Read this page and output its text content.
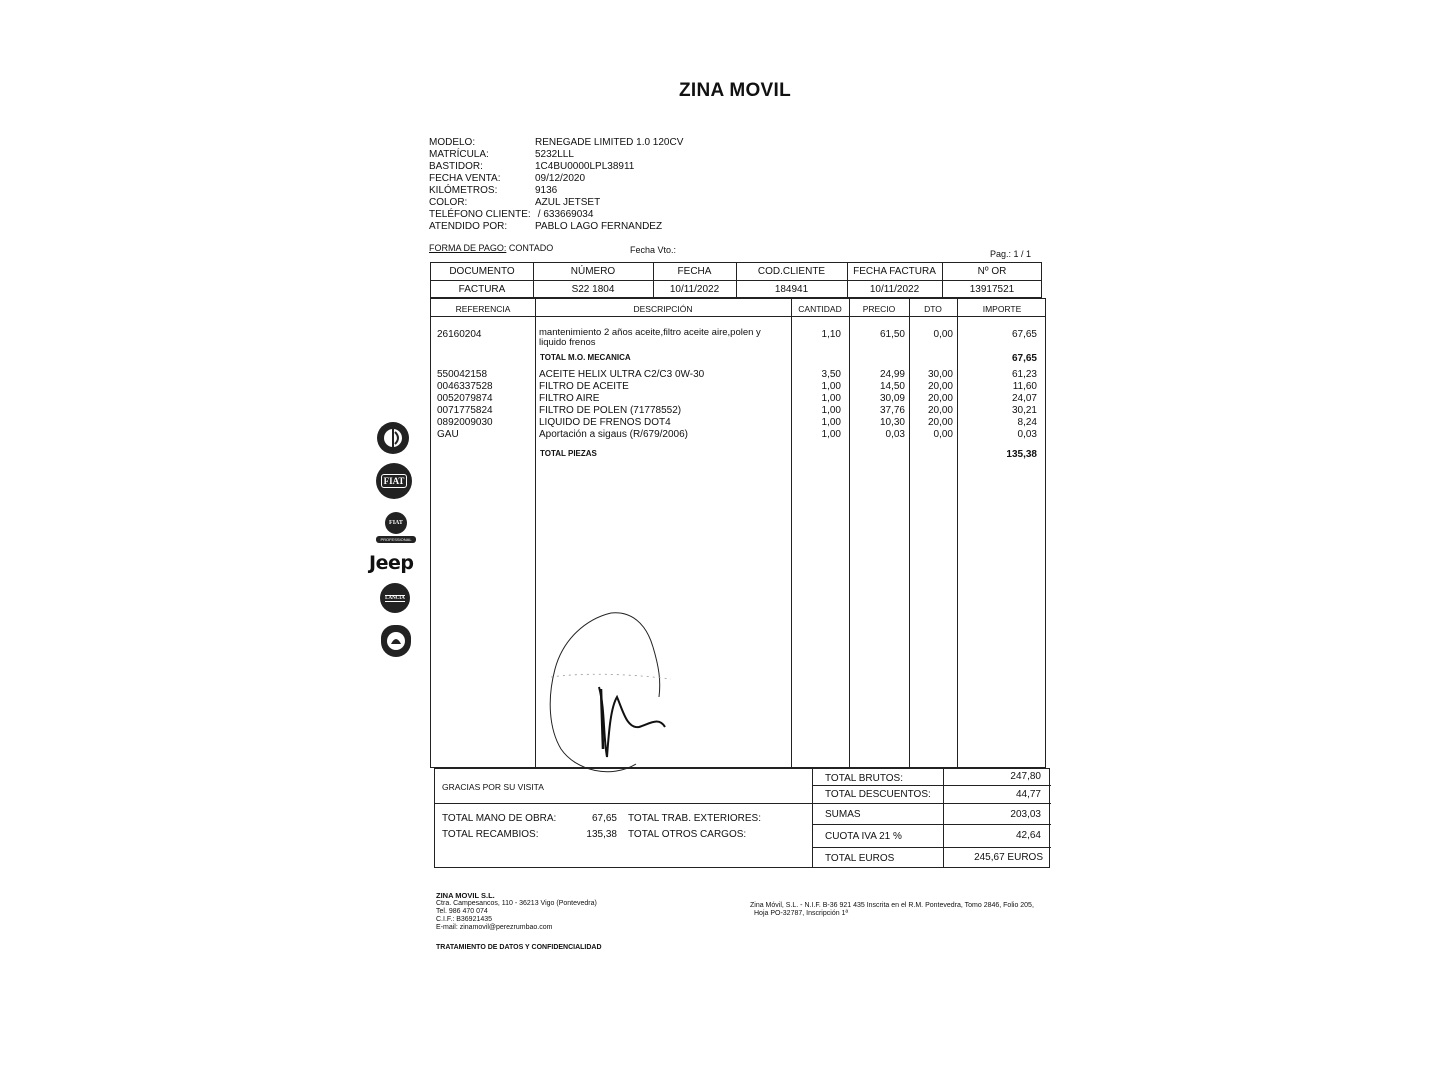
ZINA MOVIL
MODELO:	RENEGADE LIMITED 1.0 120CV
MATRÍCULA:	5232LLL
BASTIDOR:	1C4BU0000LPL38911
FECHA VENTA:	09/12/2020
KILÓMETROS:	9136
COLOR:	AZUL JETSET
TELÉFONO CLIENTE: / 633669034
ATENDIDO POR:	PABLO LAGO FERNANDEZ
FORMA DE PAGO: CONTADO	Fecha Vto.:	Pag.: 1 / 1
DOCUMENTO	NÚMERO	FECHA	COD.CLIENTE	FECHA FACTURA	Nº OR
FACTURA	S22 1804	10/11/2022	184941	10/11/2022	13917521
REFERENCIA	DESCRIPCIÓN	CANTIDAD	PRECIO	DTO	IMPORTE
26160204	mantenimiento 2 años aceite,filtro aceite aire,polen y
liquido frenos
1,10	61,50	0,00	67,65
TOTAL M.O. MECANICA	67,65
550042158	ACEITE HELIX ULTRA C2/C3 0W-30	3,50	24,99	30,00	61,23
0046337528	FILTRO DE ACEITE	1,00	14,50	20,00	11,60
0052079874	FILTRO AIRE	1,00	30,09	20,00	24,07
0071775824	FILTRO DE POLEN (71778552)	1,00	37,76	20,00	30,21
0892009030	LIQUIDO DE FRENOS DOT4	1,00	10,30	20,00	8,24
GAU	Aportación a sigaus (R/679/2006)	1,00	0,03	0,00	0,03
TOTAL PIEZAS	135,38
GRACIAS POR SU VISITA
TOTAL MANO DE OBRA:	67,65 TOTAL TRAB. EXTERIORES:
TOTAL RECAMBIOS:	135,38 TOTAL OTROS CARGOS:
TOTAL BRUTOS:	247,80
TOTAL DESCUENTOS:	44,77
SUMAS	203,03
CUOTA IVA 21 %	42,64
TOTAL EUROS	245,67 EUROS
FIAT
FIAT
PROFESSIONAL
Jeep
LANCIA
ZINA MOVIL S.L.
Ctra. Campesancos, 110 - 36213 Vigo (Pontevedra)
Tel. 986 470 074
C.I.F.: B36921435
E-mail: zinamovil@perezrumbao.com
Zina Móvil, S.L. - N.I.F. B-36 921 435 Inscrita en el R.M. Pontevedra, Tomo 2846, Folio 205,
Hoja PO-32787, Inscripción 1ª
TRATAMIENTO DE DATOS Y CONFIDENCIALIDAD
